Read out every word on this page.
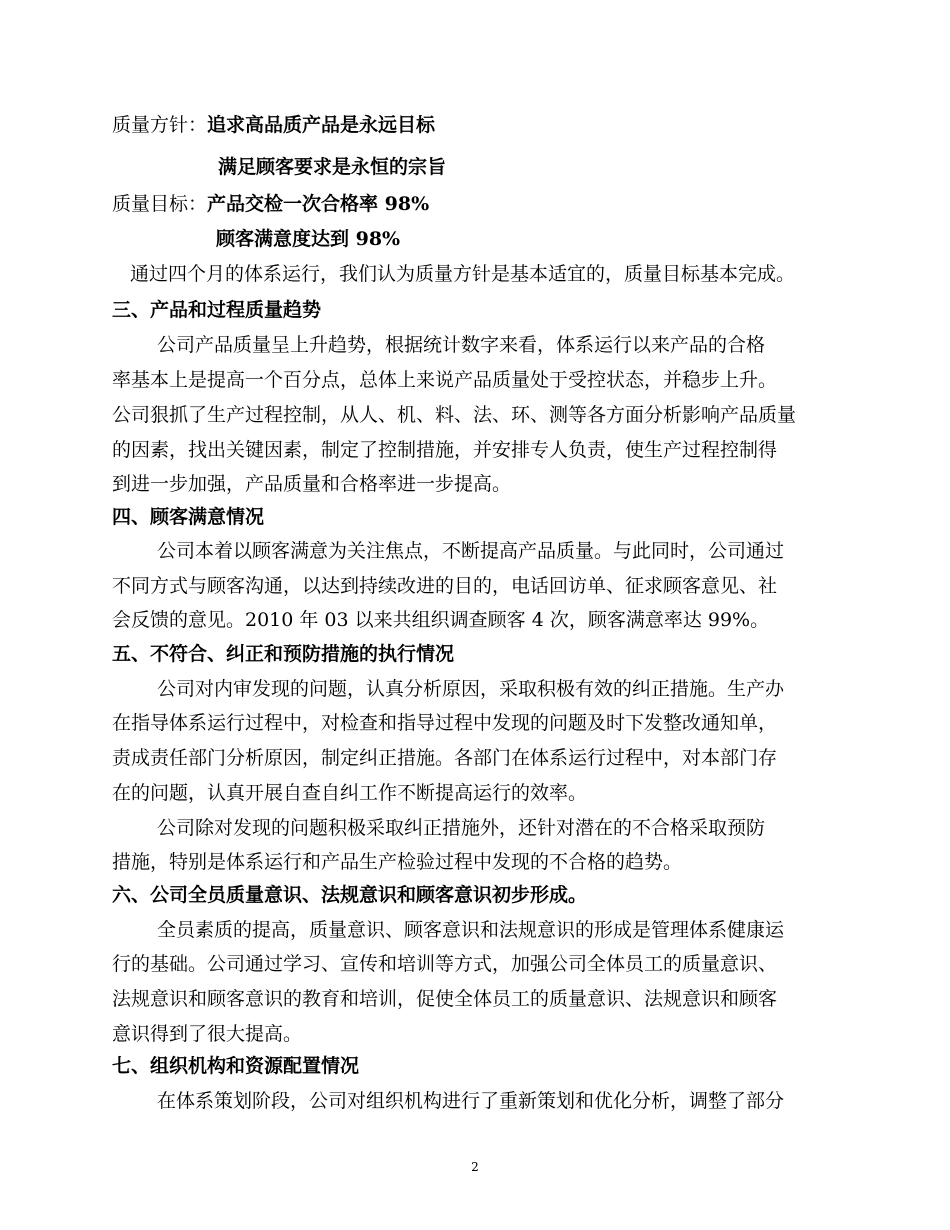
质量方针：追求高品质产品是永远目标
满足顾客要求是永恒的宗旨
质量目标：产品交检一次合格率 98%
顾客满意度达到 98%
通过四个月的体系运行，我们认为质量方针是基本适宜的，质量目标基本完成。
三、产品和过程质量趋势
公司产品质量呈上升趋势，根据统计数字来看，体系运行以来产品的合格
率基本上是提高一个百分点，总体上来说产品质量处于受控状态，并稳步上升。
公司狠抓了生产过程控制，从人、机、料、法、环、测等各方面分析影响产品质量
的因素，找出关键因素，制定了控制措施，并安排专人负责，使生产过程控制得
到进一步加强，产品质量和合格率进一步提高。
四、顾客满意情况
公司本着以顾客满意为关注焦点，不断提高产品质量。与此同时，公司通过
不同方式与顾客沟通，以达到持续改进的目的，电话回访单、征求顾客意见、社
会反馈的意见。2010 年 03 以来共组织调查顾客 4 次，顾客满意率达 99%。
五、不符合、纠正和预防措施的执行情况
公司对内审发现的问题，认真分析原因，采取积极有效的纠正措施。生产办
在指导体系运行过程中，对检查和指导过程中发现的问题及时下发整改通知单，
责成责任部门分析原因，制定纠正措施。各部门在体系运行过程中，对本部门存
在的问题，认真开展自查自纠工作不断提高运行的效率。
公司除对发现的问题积极采取纠正措施外，还针对潜在的不合格采取预防
措施，特别是体系运行和产品生产检验过程中发现的不合格的趋势。
六、公司全员质量意识、法规意识和顾客意识初步形成。
全员素质的提高，质量意识、顾客意识和法规意识的形成是管理体系健康运
行的基础。公司通过学习、宣传和培训等方式，加强公司全体员工的质量意识、
法规意识和顾客意识的教育和培训，促使全体员工的质量意识、法规意识和顾客
意识得到了很大提高。
七、组织机构和资源配置情况
在体系策划阶段，公司对组织机构进行了重新策划和优化分析，调整了部分
2
